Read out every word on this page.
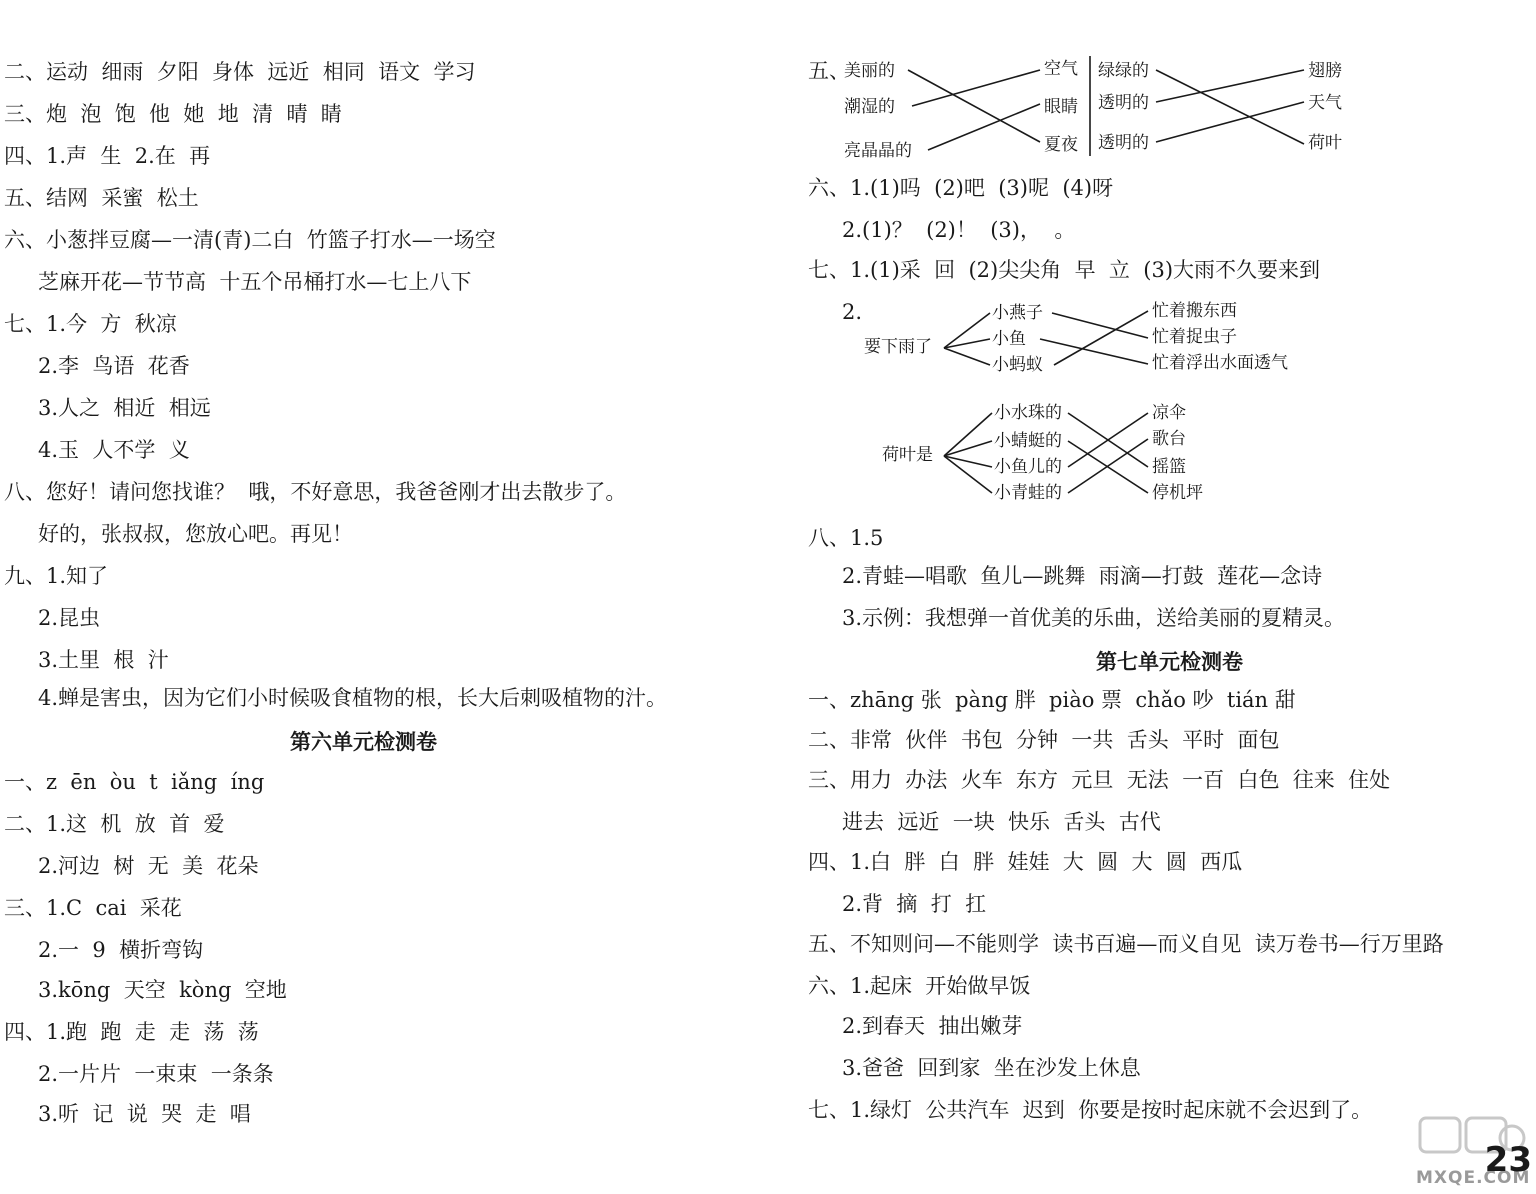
二、运动  细雨  夕阳  身体  远近  相同  语文  学习
三、炮  泡  饱  他  她  地  清  晴  睛
四、1.声  生  2.在  再
五、结网  采蜜  松土
六、小葱拌豆腐—一清(青)二白  竹篮子打水—一场空
芝麻开花—节节高  十五个吊桶打水—七上八下
七、1.今  方  秋凉
2.李  鸟语  花香
3.人之  相近  相远
4.玉  人不学  义
八、您好！请问您找谁？  哦，不好意思，我爸爸刚才出去散步了。
好的，张叔叔，您放心吧。再见！
九、1.知了
2.昆虫
3.土里  根  汁
4.蝉是害虫，因为它们小时候吸食植物的根，长大后刺吸植物的汁。
第六单元检测卷
一、z  ēn  òu  t  iǎng  íng
二、1.这  机  放  首  爱
2.河边  树  无  美  花朵
三、1.C  cai  采花
2.一  9  横折弯钩
3.kōng  天空  kòng  空地
四、1.跑  跑  走  走  荡  荡
2.一片片  一束束  一条条
3.听  记  说  哭  走  唱
五、
美丽的
潮湿的
亮晶晶的
空气
眼睛
夏夜
绿绿的
透明的
透明的
翅膀
天气
荷叶
六、1.(1)吗  (2)吧  (3)呢  (4)呀
2.(1)？  (2)！  (3)，  。
七、1.(1)采  回  (2)尖尖角  早  立  (3)大雨不久要来到
2.
要下雨了
小燕子
小鱼
小蚂蚁
忙着搬东西
忙着捉虫子
忙着浮出水面透气
荷叶是
小水珠的
小蜻蜓的
小鱼儿的
小青蛙的
凉伞
歌台
摇篮
停机坪
八、1.5
2.青蛙—唱歌  鱼儿—跳舞  雨滴—打鼓  莲花—念诗
3.示例：我想弹一首优美的乐曲，送给美丽的夏精灵。
第七单元检测卷
一、zhāng 张  pàng 胖  piào 票  chǎo 吵  tián 甜
二、非常  伙伴  书包  分钟  一共  舌头  平时  面包
三、用力  办法  火车  东方  元旦  无法  一百  白色  往来  住处
进去  远近  一块  快乐  舌头  古代
四、1.白  胖  白  胖  娃娃  大  圆  大  圆  西瓜
2.背  摘  打  扛
五、不知则问—不能则学  读书百遍—而义自见  读万卷书—行万里路
六、1.起床  开始做早饭
2.到春天  抽出嫩芽
3.爸爸  回到家  坐在沙发上休息
七、1.绿灯  公共汽车  迟到  你要是按时起床就不会迟到了。
MXQE.COM
23
